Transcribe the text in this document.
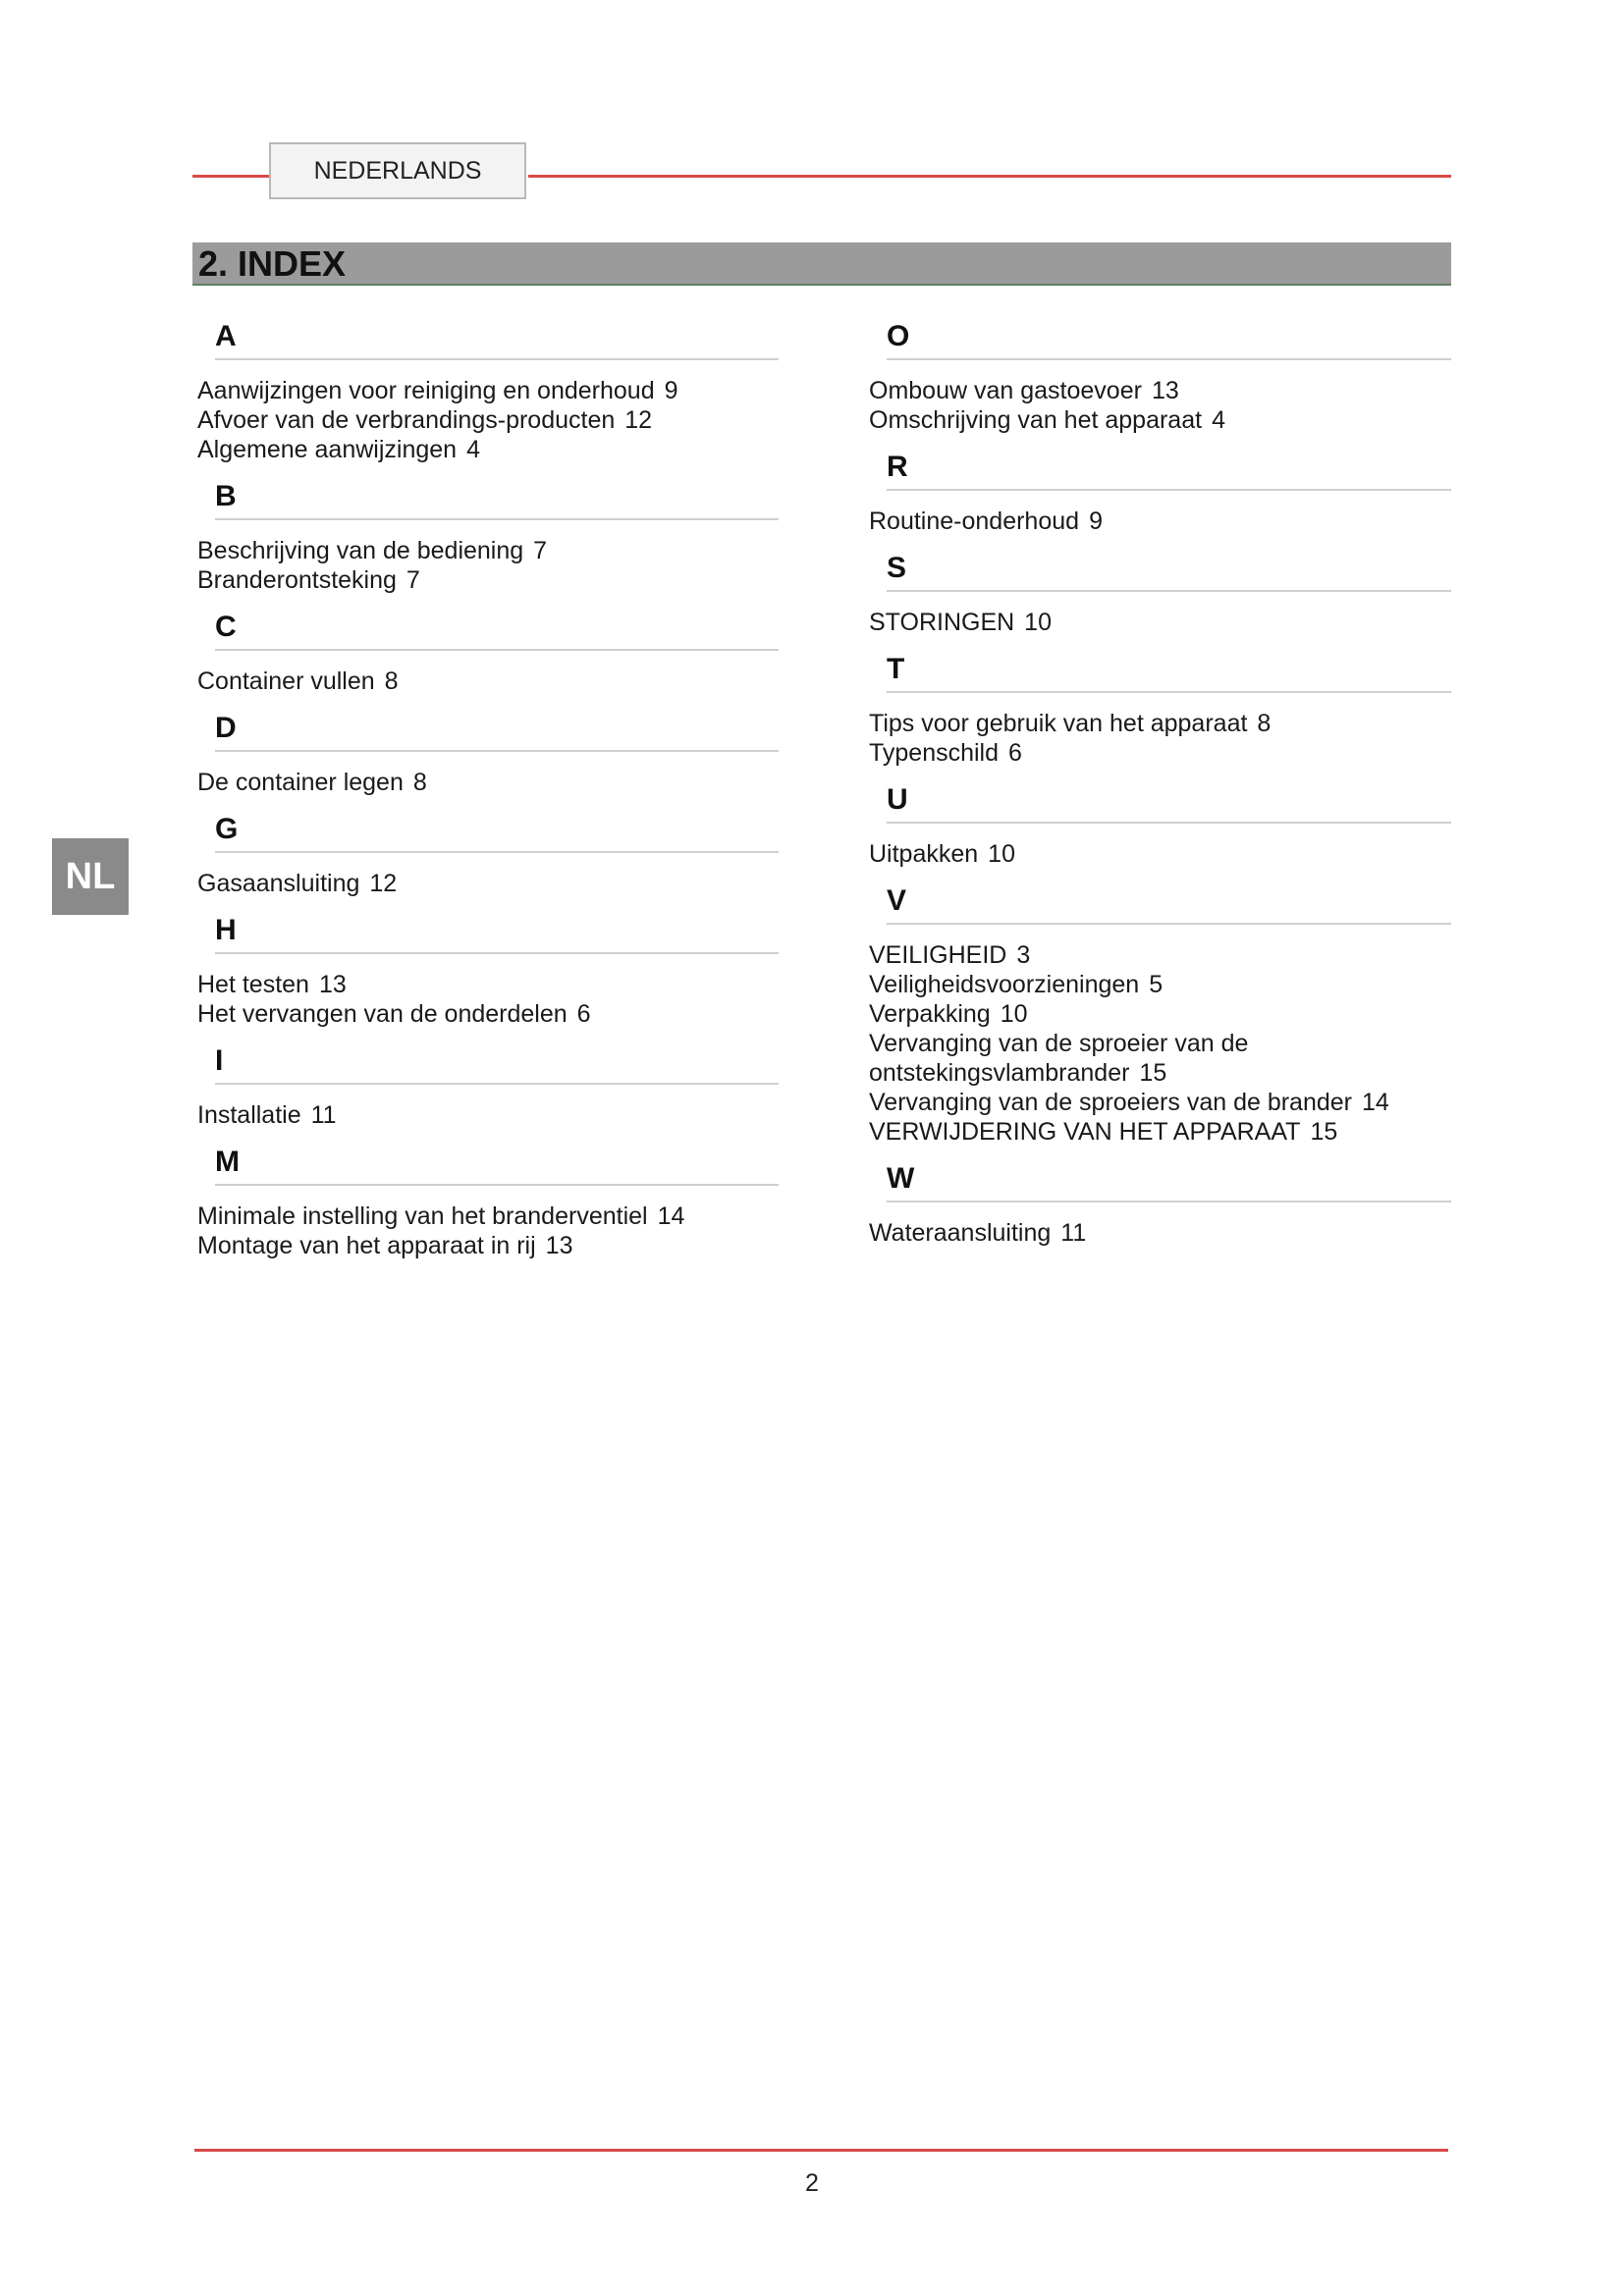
NEDERLANDS
2. INDEX
NL
A
Aanwijzingen voor reiniging en onderhoud 9
Afvoer van de verbrandings-producten 12
Algemene aanwijzingen 4
B
Beschrijving van de bediening 7
Branderontsteking 7
C
Container vullen 8
D
De container legen 8
G
Gasaansluiting 12
H
Het testen 13
Het vervangen van de onderdelen 6
I
Installatie 11
M
Minimale instelling van het branderventiel 14
Montage van het apparaat in rij 13
O
Ombouw van gastoevoer 13
Omschrijving van het apparaat 4
R
Routine-onderhoud 9
S
STORINGEN 10
T
Tips voor gebruik van het apparaat 8
Typenschild 6
U
Uitpakken 10
V
VEILIGHEID 3
Veiligheidsvoorzieningen 5
Verpakking 10
Vervanging van de sproeier van de ontstekingsvlambrander 15
Vervanging van de sproeiers van de brander 14
VERWIJDERING VAN HET APPARAAT 15
W
Wateraansluiting 11
2
